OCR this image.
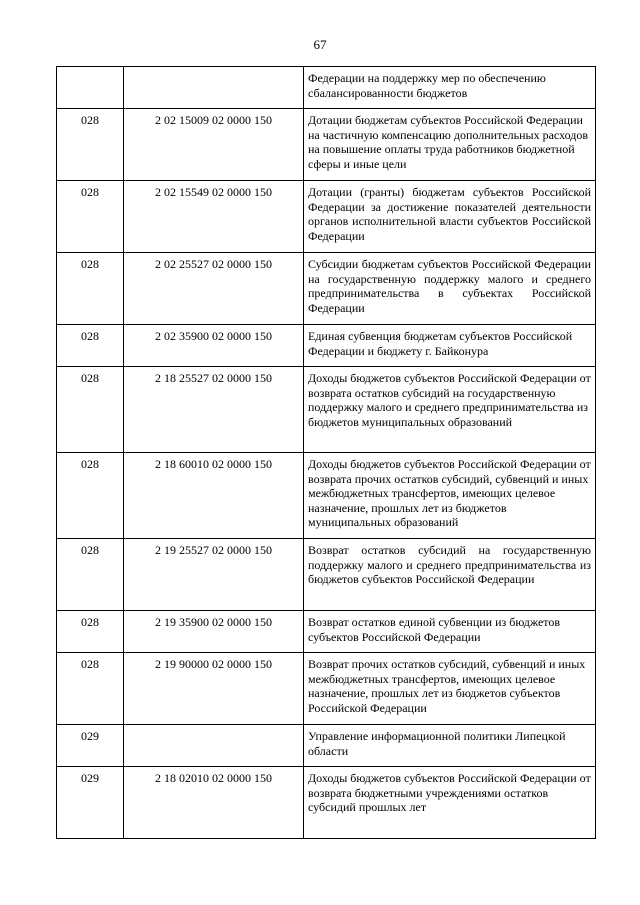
67
		Федерации на поддержку мер по обеспечению сбалансированности бюджетов
028	2 02 15009 02 0000 150	Дотации бюджетам субъектов Российской Федерации на частичную компенсацию дополнительных расходов на повышение оплаты труда работников бюджетной сферы и иные цели
028	2 02 15549 02 0000 150	Дотации (гранты) бюджетам субъектов Российской Федерации за достижение показателей деятельности органов исполнительной власти субъектов Российской Федерации
028	2 02 25527 02 0000 150	Субсидии бюджетам субъектов Российской Федерации на государственную поддержку малого и среднего предпринимательства в субъектах Российской Федерации
028	2 02 35900 02 0000 150	Единая субвенция бюджетам субъектов Российской Федерации и бюджету г. Байконура
028	2 18 25527 02 0000 150	Доходы бюджетов субъектов Российской Федерации от возврата остатков субсидий на государственную поддержку малого и среднего предпринимательства из бюджетов муниципальных образований
028	2 18 60010 02 0000 150	Доходы бюджетов субъектов Российской Федерации от возврата прочих остатков субсидий, субвенций и иных межбюджетных трансфертов, имеющих целевое назначение, прошлых лет из бюджетов муниципальных образований
028	2 19 25527 02 0000 150	Возврат остатков субсидий на государственную поддержку малого и среднего предпринимательства из бюджетов субъектов Российской Федерации
028	2 19 35900 02 0000 150	Возврат остатков единой субвенции из бюджетов субъектов Российской Федерации
028	2 19 90000 02 0000 150	Возврат прочих остатков субсидий, субвенций и иных межбюджетных трансфертов, имеющих целевое назначение, прошлых лет из бюджетов субъектов Российской Федерации
029		Управление информационной политики Липецкой области
029	2 18 02010 02 0000 150	Доходы бюджетов субъектов Российской Федерации от возврата бюджетными учреждениями остатков субсидий прошлых лет
